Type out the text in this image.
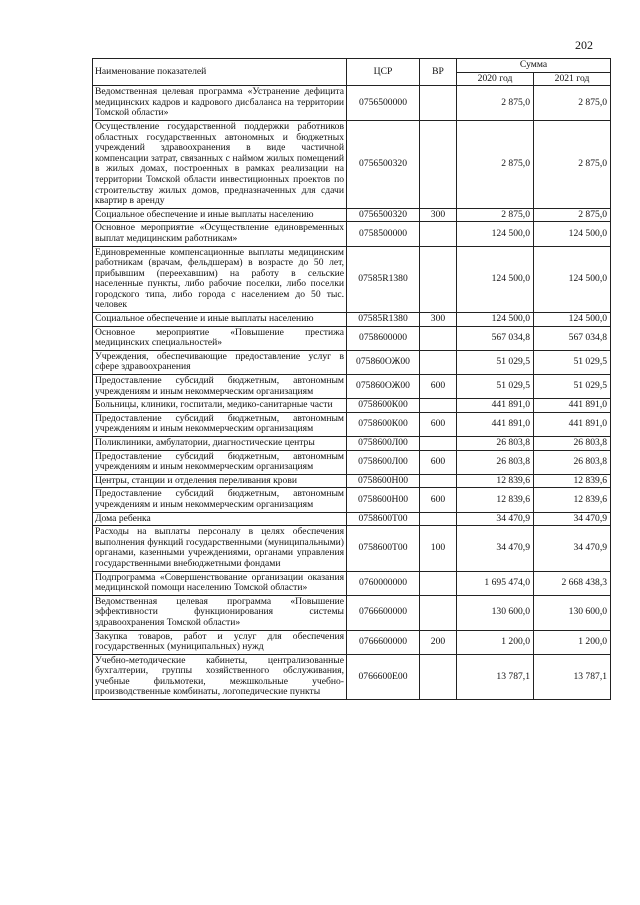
202
Наименование показателей	ЦСР	ВР	Сумма	
			2020 год	2021 год
Ведомственная целевая программа «Устранение дефицита медицинских кадров и кадрового дисбаланса на территории Томской области»	0756500000		2 875,0	2 875,0
Осуществление государственной поддержки работников областных государственных автономных и бюджетных учреждений здравоохранения в виде частичной компенсации затрат, связанных с наймом жилых помещений в жилых домах, построенных в рамках реализации на территории Томской области инвестиционных проектов по строительству жилых домов, предназначенных для сдачи квартир в аренду	0756500320		2 875,0	2 875,0
Социальное обеспечение и иные выплаты населению	0756500320	300	2 875,0	2 875,0
Основное мероприятие «Осуществление единовременных выплат медицинским работникам»	0758500000		124 500,0	124 500,0
Единовременные компенсационные выплаты медицинским работникам (врачам, фельдшерам) в возрасте до 50 лет, прибывшим (переехавшим) на работу в сельские населенные пункты, либо рабочие поселки, либо поселки городского типа, либо города с населением до 50 тыс. человек	07585R1380		124 500,0	124 500,0
Социальное обеспечение и иные выплаты населению	07585R1380	300	124 500,0	124 500,0
Основное мероприятие «Повышение престижа медицинских специальностей»	0758600000		567 034,8	567 034,8
Учреждения, обеспечивающие предоставление услуг в сфере здравоохранения	075860OЖ00		51 029,5	51 029,5
Предоставление субсидий бюджетным, автономным учреждениям и иным некоммерческим организациям	075860OЖ00	600	51 029,5	51 029,5
Больницы, клиники, госпитали, медико-санитарные части	0758600К00		441 891,0	441 891,0
Предоставление субсидий бюджетным, автономным учреждениям и иным некоммерческим организациям	0758600К00	600	441 891,0	441 891,0
Поликлиники, амбулатории, диагностические центры	0758600Л00		26 803,8	26 803,8
Предоставление субсидий бюджетным, автономным учреждениям и иным некоммерческим организациям	0758600Л00	600	26 803,8	26 803,8
Центры, станции и отделения переливания крови	0758600Н00		12 839,6	12 839,6
Предоставление субсидий бюджетным, автономным учреждениям и иным некоммерческим организациям	0758600Н00	600	12 839,6	12 839,6
Дома ребенка	0758600Т00		34 470,9	34 470,9
Расходы на выплаты персоналу в целях обеспечения выполнения функций государственными (муниципальными) органами, казенными учреждениями, органами управления государственными внебюджетными фондами	0758600Т00	100	34 470,9	34 470,9
Подпрограмма «Совершенствование организации оказания медицинской помощи населению Томской области»	0760000000		1 695 474,0	2 668 438,3
Ведомственная целевая программа «Повышение эффективности функционирования системы здравоохранения Томской области»	0766600000		130 600,0	130 600,0
Закупка товаров, работ и услуг для обеспечения государственных (муниципальных) нужд	0766600000	200	1 200,0	1 200,0
Учебно-методические кабинеты, централизованные бухгалтерии, группы хозяйственного обслуживания, учебные фильмотеки, межшкольные учебно-производственные комбинаты, логопедические пункты	0766600Е00		13 787,1	13 787,1
